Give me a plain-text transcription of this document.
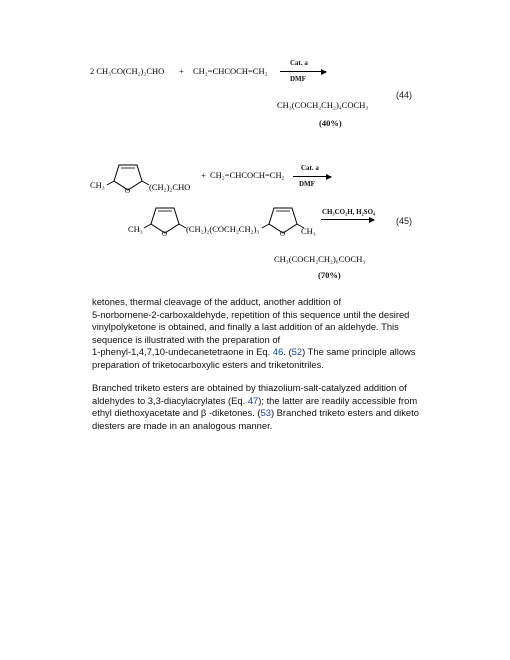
2 CH₃CO(CH₂)₂CHO + CH₂=CHCOCH=CH₂
Cat. a
DMF
CH₃(COCH₂CH₂)₄COCH₃
(40%)
(44)
CH₃
O (CH₂)₂CHO
+ CH₂=CHCOCH=CH₂
Cat. a
DMF
CH₃	O (CH₂)₂(COCH₂CH₂)₃	O CH₃
CH₃CO₂H, H₂SO₄
CH₃(COCH₂CH₂)₆COCH₃
(70%)
(45)
ketones, thermal cleavage of the adduct, another addition of
5-norbornene-2-carboxaldehyde, repetition of this sequence until the desired
vinylpolyketone is obtained, and finally a last addition of an aldehyde. This
sequence is illustrated with the preparation of
1-phenyl-1,4,7,10-undecanetetraone in Eq. 46. (52) The same principle allows
preparation of triketocarboxylic esters and triketonitriles.
Branched triketo esters are obtained by thiazolium-salt-catalyzed addition of
aldehydes to 3,3-diacylacrylates (Eq. 47); the latter are readily accessible from
ethyl diethoxyacetate and β -diketones. (53) Branched triketo esters and diketo
diesters are made in an analogous manner.
